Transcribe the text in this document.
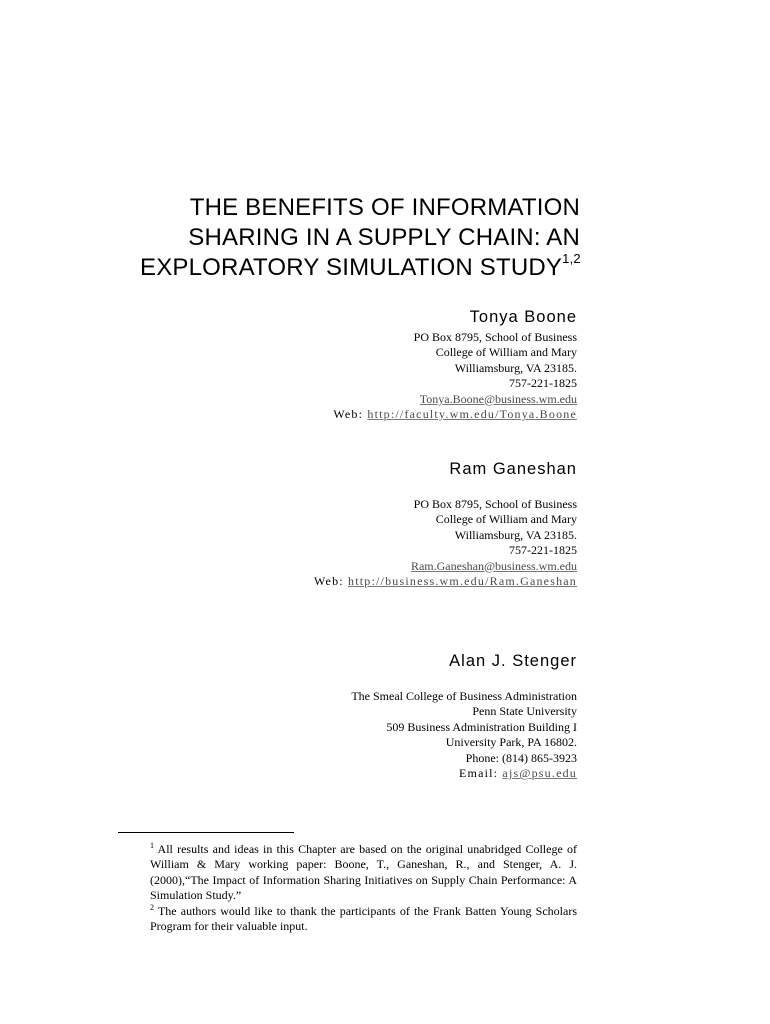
THE BENEFITS OF INFORMATION
SHARING IN A SUPPLY CHAIN: AN
EXPLORATORY SIMULATION STUDY$^{1,2}$
Tonya Boone
PO Box 8795, School of Business
College of William and Mary
Williamsburg, VA 23185.
757-221-1825
Tonya.Boone@business.wm.edu
Web: http://faculty.wm.edu/Tonya.Boone
Ram Ganeshan
PO Box 8795, School of Business
College of William and Mary
Williamsburg, VA 23185.
757-221-1825
Ram.Ganeshan@business.wm.edu
Web: http://business.wm.edu/Ram.Ganeshan
Alan J. Stenger
The Smeal College of Business Administration
Penn State University
509 Business Administration Building I
University Park, PA 16802.
Phone: (814) 865-3923
Email: ajs@psu.edu

$^1$ All results and ideas in this Chapter are based on the original unabridged College of William & Mary working paper: Boone, T., Ganeshan, R., and Stenger, A. J. (2000),“The Impact of Information Sharing Initiatives on Supply Chain Performance: A Simulation Study.”

$^2$ The authors would like to thank the participants of the Frank Batten Young Scholars Program for their valuable input.
